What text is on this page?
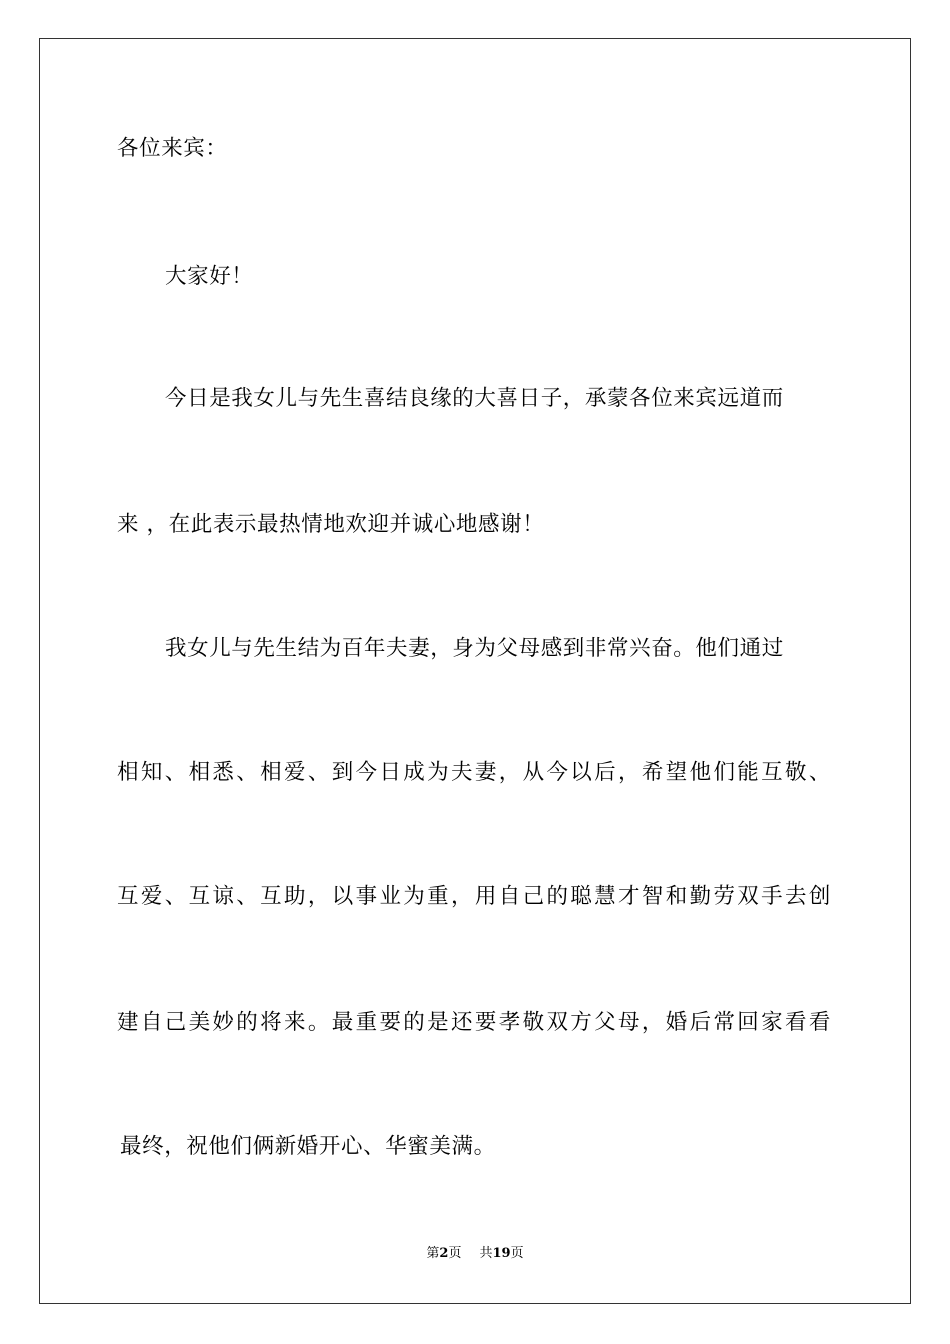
各位来宾：
大家好！
今日是我女儿与先生喜结良缘的大喜日子，承蒙各位来宾远道而
来 ，在此表示最热情地欢迎并诚心地感谢！
我女儿与先生结为百年夫妻，身为父母感到非常兴奋。他们通过
相知、相悉、相爱、到今日成为夫妻，从今以后，希望他们能互敬、
互爱、互谅、互助，以事业为重，用自己的聪慧才智和勤劳双手去创
建自己美妙的将来。最重要的是还要孝敬双方父母，婚后常回家看看
最终，祝他们俩新婚开心、华蜜美满。
第2页 共19页
